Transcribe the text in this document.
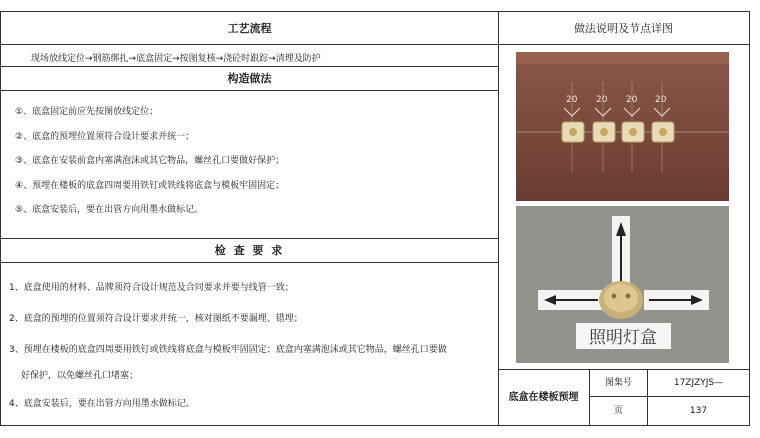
工艺流程
现场放线定位→钢筋绑扎→底盒固定→按图复核→浇砼时跟踪→清理及防护
构造做法
①、底盒固定前应先按图放线定位；
②、底盒的预埋位置须符合设计要求并统一；
③、底盒在安装前盒内塞满泡沫或其它物品，螺丝孔口要做好保护；
④、预埋在楼板的底盒四周要用铁钉或铁线将底盒与模板牢固固定；
⑤、底盒安装后，要在出管方向用墨水做标记。
检 查 要 求
1、底盒使用的材料、品牌须符合设计规范及合同要求并要与线管一致；
2、底盒的预埋的位置须符合设计要求并统一，核对图纸不要漏埋、错埋；
3、预埋在楼板的底盒四周要用铁钉或铁线将底盒与模板牢固固定；底盒内塞满泡沫或其它物品，螺丝孔口要做
好保护，以免螺丝孔口堵塞；
4、底盒安装后，要在出管方向用墨水做标记。
做法说明及节点详图
20 20 20 20
照明灯盒
底盒在楼板预埋
图集号	17ZJZYJS—
页	137
